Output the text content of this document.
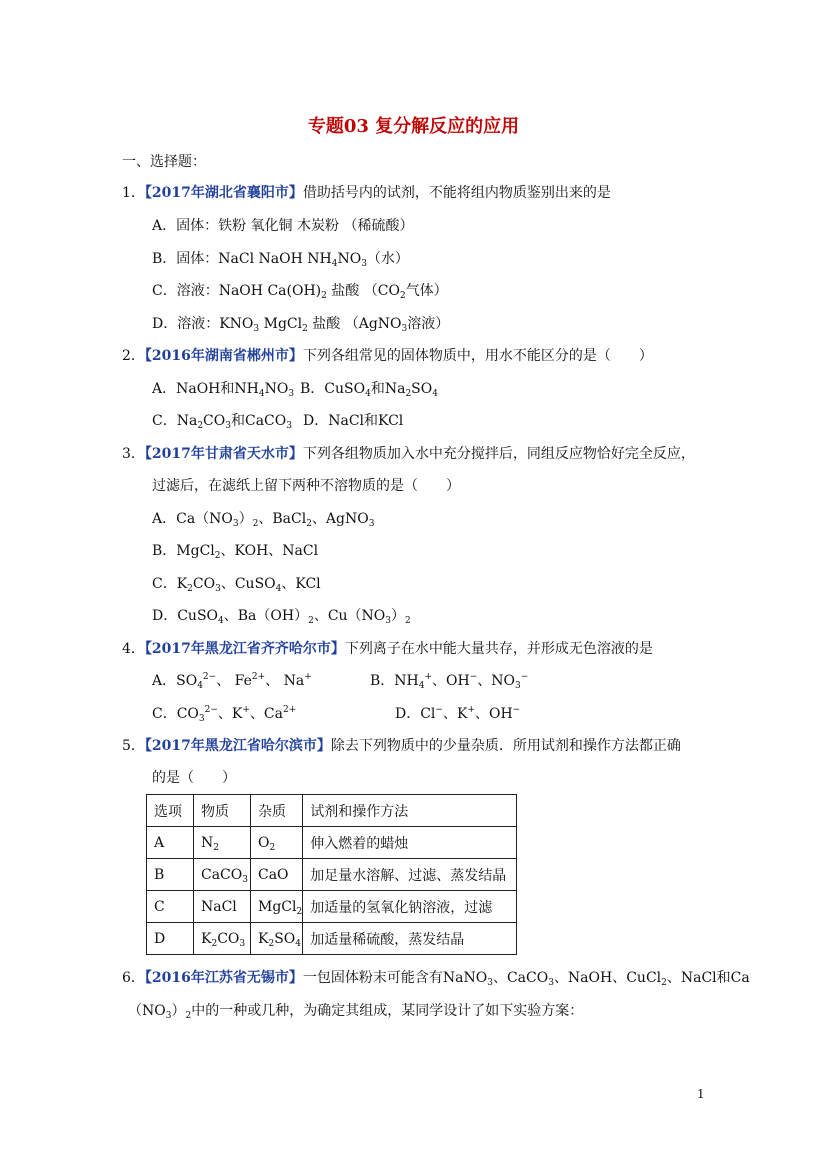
专题03 复分解反应的应用
一、选择题：
1．【2017年湖北省襄阳市】借助括号内的试剂，不能将组内物质鉴别出来的是
A．固体：铁粉 氧化铜 木炭粉 （稀硫酸）
B．固体：NaCl NaOH $NH_4NO_3$（水）
C．溶液：NaOH $Ca(OH)_2$ 盐酸 （$CO_2$气体）
D．溶液：$KNO_3$ MgCl$_2$ 盐酸 （AgNO$_3$溶液）
2．【2016年湖南省郴州市】下列各组常见的固体物质中，用水不能区分的是（　　）
A．NaOH和$NH_4NO_3$ B．CuSO$_4$和$Na_2SO_4$
C．$Na_2CO_3$和CaCO$_3$ D．NaCl和KCl
3．【2017年甘肃省天水市】下列各组物质加入水中充分搅拌后，同组反应物恰好完全反应，
过滤后，在滤纸上留下两种不溶物质的是（　　）
A．$Ca(NO_3)_2$、BaCl$_2$、AgNO$_3$
B．MgCl$_2$、KOH、NaCl
C．$K_2CO_3$、CuSO$_4$、KCl
D．CuSO$_4$、$Ba(OH)_2$、$Cu(NO_3)_2$
4．【2017年黑龙江省齐齐哈尔市】下列离子在水中能大量共存，并形成无色溶液的是
A．$SO_4^{2-}$、 $Fe^{2+}$、 Na+	B．$NH_4^+$、OH−、$NO_3^-$
C．$CO_3^{2-}$、K+、$Ca^{2+}$	D．Cl−、K+、OH−
5．【2017年黑龙江省哈尔滨市】除去下列物质中的少量杂质．所用试剂和操作方法都正确
的是（　　）
选项	物质	杂质	试剂和操作方法
A	$N_2$	$O_2$	伸入燃着的蜡烛
B	CaCO$_3$	CaO	加足量水溶解、过滤、蒸发结晶
C	NaCl	MgCl$_2$	加适量的氢氧化钠溶液，过滤
D	$K_2CO_3$	$K_2SO_4$	加适量稀硫酸，蒸发结晶
6．【2016年江苏省无锡市】一包固体粉末可能含有NaNO$_3$、CaCO$_3$、NaOH、CuCl$_2$、NaCl和Ca
$(NO_3)_2$中的一种或几种，为确定其组成，某同学设计了如下实验方案：
1
